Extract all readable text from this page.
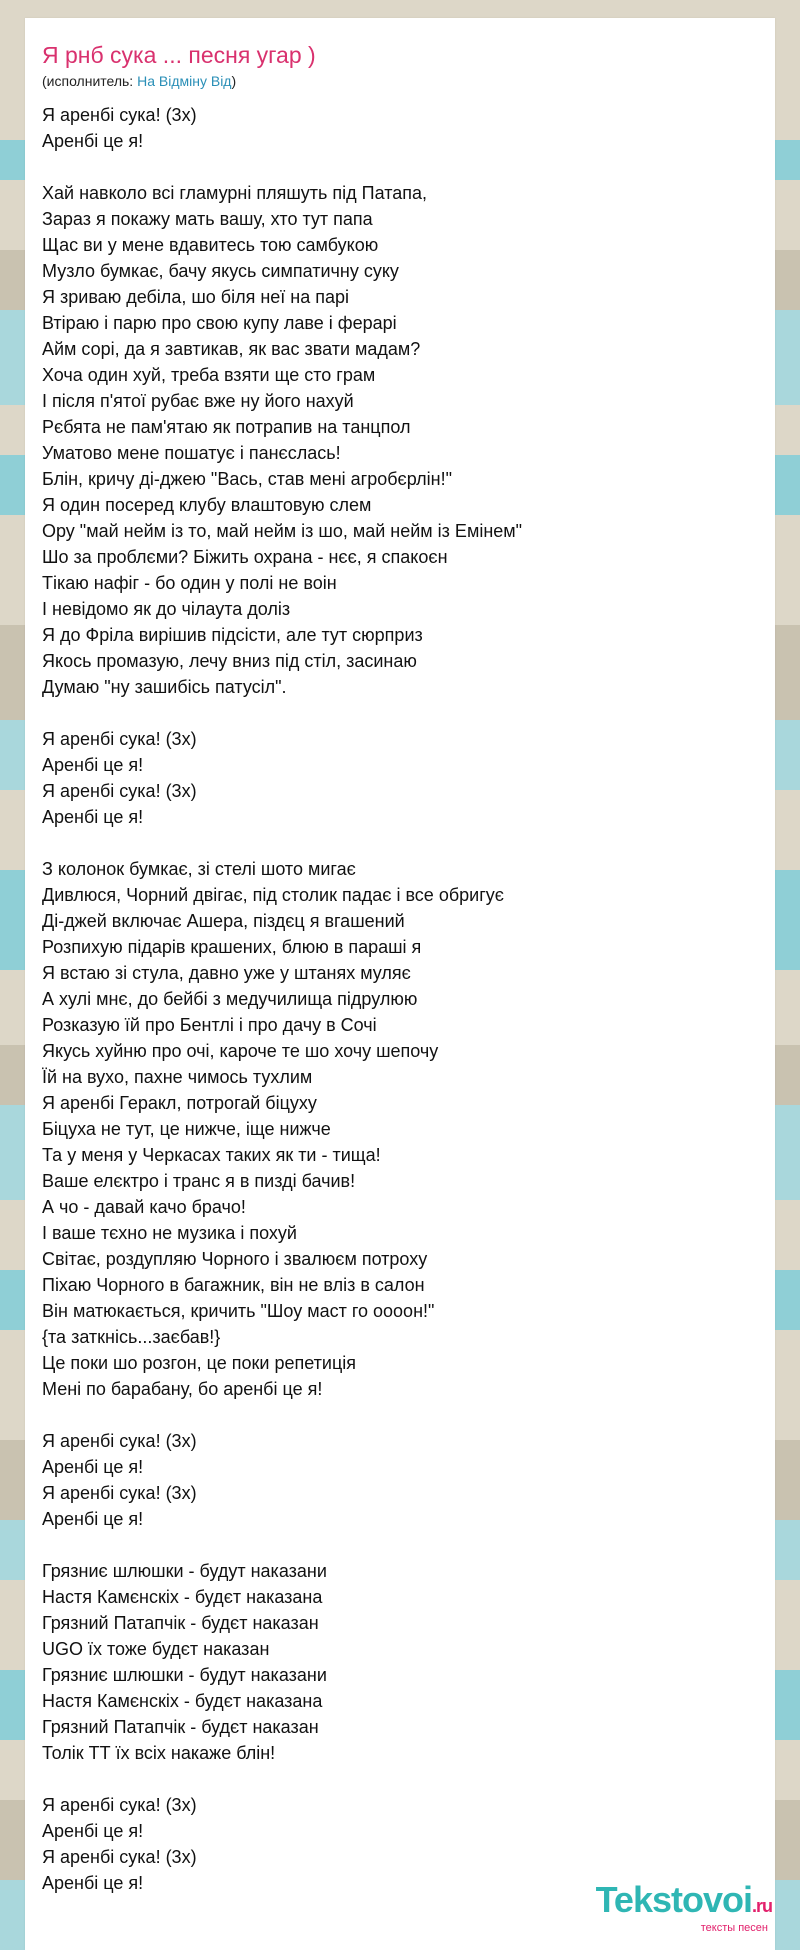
Я рнб сука ... песня угар )
(исполнитель: На Відміну Від)
Я аренбі сука! (3х)
Аренбі це я!
Хай навколо всі гламурні пляшуть під Патапа,
Зараз я покажу мать вашу, хто тут папа
Щас ви у мене вдавитесь тою самбукою
Музло бумкає, бачу якусь симпатичну суку
Я зриваю дебіла, шо біля неї на парі
Втіраю і парю про свою купу лаве і ферарі
Айм сорі, да я завтикав, як вас звати мадам?
Хоча один хуй, треба взяти ще сто грам
І після п'ятої рубає вже ну його нахуй
Рєбята не пам'ятаю як потрапив на танцпол
Уматово мене пошатує і панєслась!
Блін, кричу ді-джею "Вась, став мені агробєрлін!"
Я один посеред клубу влаштовую слем
Ору "май нейм із то, май нейм із шо, май нейм із Емінем"
Шо за проблєми? Біжить охрана - нєє, я спакоєн
Тікаю нафіг - бо один у полі не воін
І невідомо як до чілаута доліз
Я до Фріла вирішив підсісти, але тут сюрприз
Якось промазую, лечу вниз під стіл, засинаю
Думаю "ну зашибісь патусіл".
Я аренбі сука! (3х)
Аренбі це я!
Я аренбі сука! (3х)
Аренбі це я!
З колонок бумкає, зі стелі шото мигає
Дивлюся, Чорний двігає, під столик падає і все обригує
Ді-джей включає Ашера, піздєц я вгашений
Розпихую підарів крашених, блюю в параші я
Я встаю зі стула, давно уже у штанях муляє
А хулі мнє, до бейбі з медучилища підрулюю
Розказую їй про Бентлі і про дачу в Сочі
Якусь хуйню про очі, кароче те шо хочу шепочу
Їй на вухо, пахне чимось тухлим
Я аренбі Геракл, потрогай біцуху
Біцуха не тут, це нижче, іще нижче
Та у меня у Черкасах таких як ти - тища!
Ваше елєктро і транс я в пизді бачив!
А чо - давай качо брачо!
І ваше тєхно не музика і похуй
Світає, роздупляю Чорного і звалюєм потроху
Піхаю Чорного в багажник, він не вліз в салон
Він матюкається, кричить "Шоу маст го оооон!"
{та заткнісь...заєбав!}
Це поки шо розгон, це поки репетиція
Мені по барабану, бо аренбі це я!
Я аренбі сука! (3х)
Аренбі це я!
Я аренбі сука! (3х)
Аренбі це я!
Грязниє шлюшки - будут наказани
Настя Камєнскіх - будєт наказана
Грязний Патапчік - будєт наказан
UGO їх тоже будєт наказан
Грязниє шлюшки - будут наказани
Настя Камєнскіх - будєт наказана
Грязний Патапчік - будєт наказан
Толік ТТ їх всіх накаже блін!
Я аренбі сука! (3х)
Аренбі це я!
Я аренбі сука! (3х)
Аренбі це я!	Tekstovoi.ru
тексты песен
